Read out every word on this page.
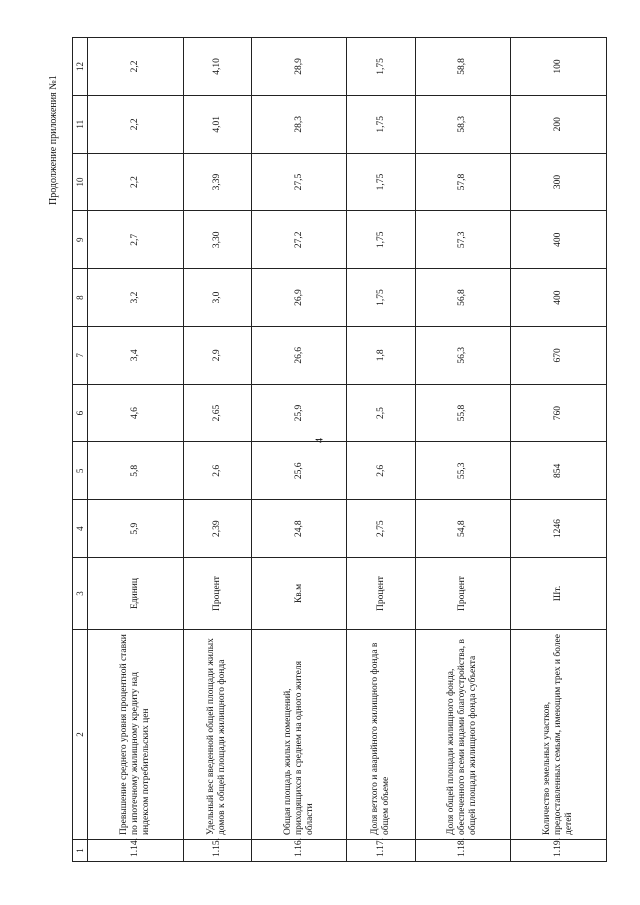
4
Продолжение приложения №1
1	2	3	4	5	6	7	8	9	10	11	12
1.14.	Превышение среднего уровня процентной ставки по ипотечному жилищному кредиту над индексом потребительских цен	Единиц	5,9	5,8	4,6	3,4	3,2	2,7	2,2	2,2	2,2
1.15.	Удельный вес введенной общей площади жилых домов к общей площади жилищного фонда	Процент	2,39	2,6	2,65	2,9	3,0	3,30	3,39	4,01	4,10
1.16.	Общая площадь жилых помещений, приходящихся в среднем на одного жителя области	Кв.м	24,8	25,6	25,9	26,6	26,9	27,2	27,5	28,3	28,9
1.17.	Доля ветхого и аварийного жилищного фонда в общем объеме	Процент	2,75	2,6	2,5	1,8	1,75	1,75	1,75	1,75	1,75
1.18.	Доля общей площади жилищного фонда, обеспеченного всеми видами благоустройства, в общей площади жилищного фонда субъекта	Процент	54,8	55,3	55,8	56,3	56,8	57,3	57,8	58,3	58,8
1.19.	Количество земельных участков, предоставленных семьям, имеющим трех и более детей	Шт.	1246	854	760	670	400	400	300	200	100
